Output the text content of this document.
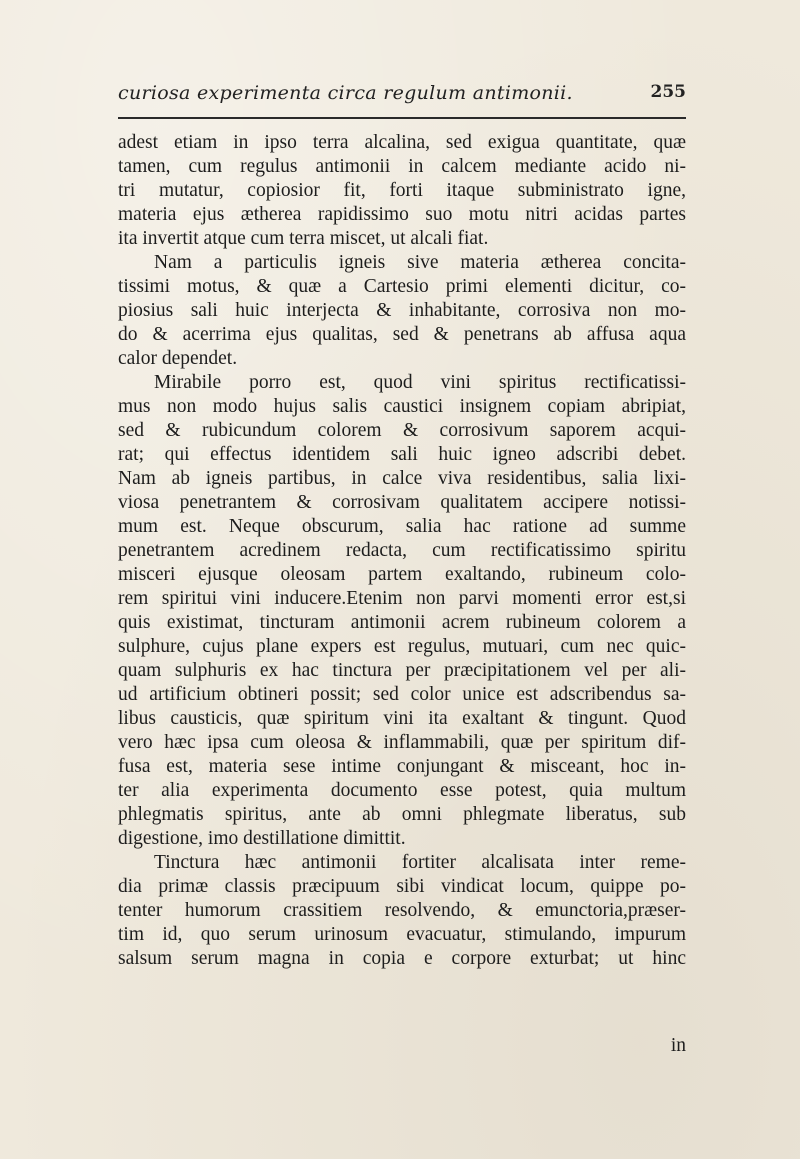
curiosa experimenta circa regulum antimonii.	255
adest etiam in ipso terra alcalina, sed exigua quantitate, quæ
tamen, cum regulus antimonii in calcem mediante acido ni-
tri mutatur, copiosior fit, forti itaque subministrato igne,
materia ejus ætherea rapidissimo suo motu nitri acidas partes
ita invertit atque cum terra miscet, ut alcali fiat.
Nam a particulis igneis sive materia ætherea concita-
tissimi motus, & quæ a Cartesio primi elementi dicitur, co-
piosius sali huic interjecta & inhabitante, corrosiva non mo-
do & acerrima ejus qualitas, sed & penetrans ab affusa aqua
calor dependet.
Mirabile porro est, quod vini spiritus rectificatissi-
mus non modo hujus salis caustici insignem copiam abripiat,
sed & rubicundum colorem & corrosivum saporem acqui-
rat; qui effectus identidem sali huic igneo adscribi debet.
Nam ab igneis partibus, in calce viva residentibus, salia lixi-
viosa penetrantem & corrosivam qualitatem accipere notissi-
mum est. Neque obscurum, salia hac ratione ad summe
penetrantem acredinem redacta, cum rectificatissimo spiritu
misceri ejusque oleosam partem exaltando, rubineum colo-
rem spiritui vini inducere.Etenim non parvi momenti error est,si
quis existimat, tincturam antimonii acrem rubineum colorem a
sulphure, cujus plane expers est regulus, mutuari, cum nec quic-
quam sulphuris ex hac tinctura per præcipitationem vel per ali-
ud artificium obtineri possit; sed color unice est adscribendus sa-
libus causticis, quæ spiritum vini ita exaltant & tingunt. Quod
vero hæc ipsa cum oleosa & inflammabili, quæ per spiritum dif-
fusa est, materia sese intime conjungant & misceant, hoc in-
ter alia experimenta documento esse potest, quia multum
phlegmatis spiritus, ante ab omni phlegmate liberatus, sub
digestione, imo destillatione dimittit.
Tinctura hæc antimonii fortiter alcalisata inter reme-
dia primæ classis præcipuum sibi vindicat locum, quippe po-
tenter humorum crassitiem resolvendo, & emunctoria,præser-
tim id, quo serum urinosum evacuatur, stimulando, impurum
salsum serum magna in copia e corpore exturbat; ut hinc
in
